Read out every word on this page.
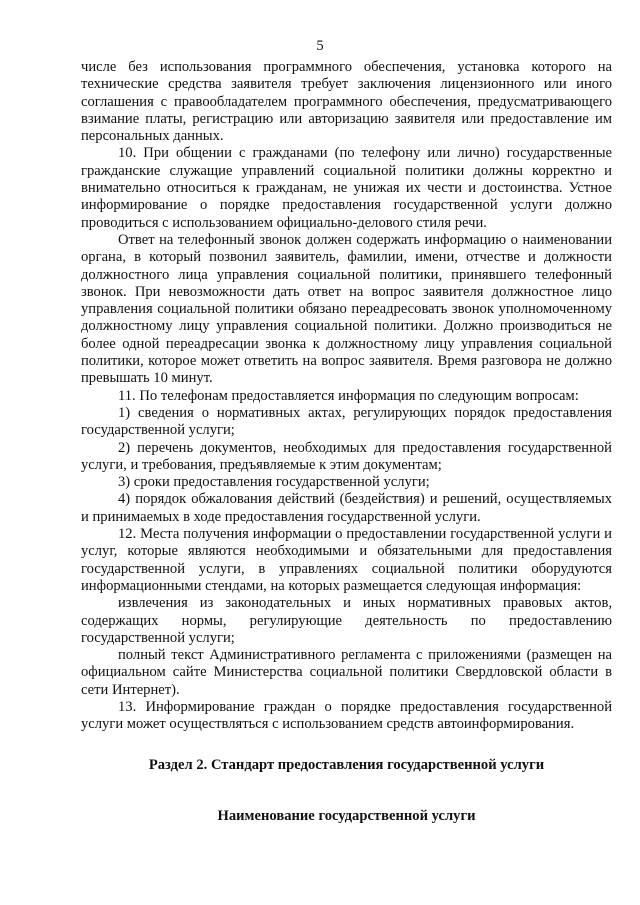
5

числе без использования программного обеспечения, установка которого на технические средства заявителя требует заключения лицензионного или иного соглашения с правообладателем программного обеспечения, предусматривающего взимание платы, регистрацию или авторизацию заявителя или предоставление им персональных данных.

10. При общении с гражданами (по телефону или лично) государственные гражданские служащие управлений социальной политики должны корректно и внимательно относиться к гражданам, не унижая их чести и достоинства. Устное информирование о порядке предоставления государственной услуги должно проводиться с использованием официально-делового стиля речи.

Ответ на телефонный звонок должен содержать информацию о наименовании органа, в который позвонил заявитель, фамилии, имени, отчестве и должности должностного лица управления социальной политики, принявшего телефонный звонок. При невозможности дать ответ на вопрос заявителя должностное лицо управления социальной политики обязано переадресовать звонок уполномоченному должностному лицу управления социальной политики. Должно производиться не более одной переадресации звонка к должностному лицу управления социальной политики, которое может ответить на вопрос заявителя. Время разговора не должно превышать 10 минут.

11. По телефонам предоставляется информация по следующим вопросам:

1) сведения о нормативных актах, регулирующих порядок предоставления государственной услуги;

2) перечень документов, необходимых для предоставления государственной услуги, и требования, предъявляемые к этим документам;

3) сроки предоставления государственной услуги;

4) порядок обжалования действий (бездействия) и решений, осуществляемых и принимаемых в ходе предоставления государственной услуги.

12. Места получения информации о предоставлении государственной услуги и услуг, которые являются необходимыми и обязательными для предоставления государственной услуги, в управлениях социальной политики оборудуются информационными стендами, на которых размещается следующая информация:

извлечения из законодательных и иных нормативных правовых актов, содержащих нормы, регулирующие деятельность по предоставлению государственной услуги;

полный текст Административного регламента с приложениями (размещен на официальном сайте Министерства социальной политики Свердловской области в сети Интернет).

13. Информирование граждан о порядке предоставления государственной услуги может осуществляться с использованием средств автоинформирования.

Раздел 2. Стандарт предоставления государственной услуги
Наименование государственной услуги
